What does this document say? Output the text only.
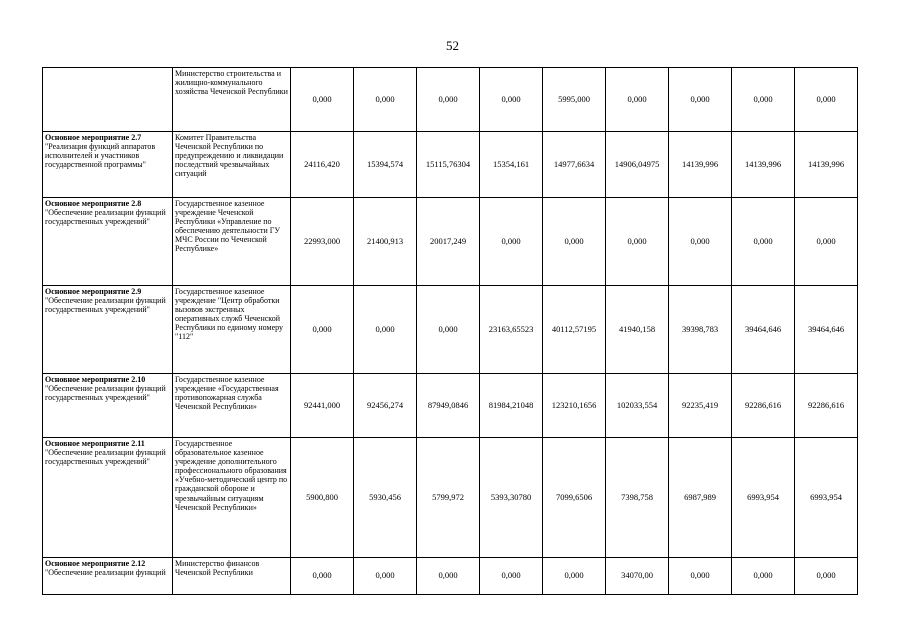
52
	Министерство строительства и жилищно-коммунального хозяйства Чеченской Республики	0,000	0,000	0,000	0,000	5995,000	0,000	0,000	0,000	0,000
Основное мероприятие 2.7 "Реализация функций аппаратов исполнителей и участников государственной программы"	Комитет Правительства Чеченской Республики по предупреждению и ликвидации последствий чрезвычайных ситуаций	24116,420	15394,574	15115,76304	15354,161	14977,6634	14906,04975	14139,996	14139,996	14139,996
Основное мероприятие 2.8 "Обеспечение реализации функций государственных учреждений"	Государственное казенное учреждение Чеченской Республики «Управление по обеспечению деятельности ГУ МЧС России по Чеченской Республике»	22993,000	21400,913	20017,249	0,000	0,000	0,000	0,000	0,000	0,000
Основное мероприятие 2.9 "Обеспечение реализации функций государственных учреждений"	Государственное казенное учреждение "Центр обработки вызовов экстренных оперативных служб Чеченской Республики по единому номеру "112"	0,000	0,000	0,000	23163,65523	40112,57195	41940,158	39398,783	39464,646	39464,646
Основное мероприятие 2.10 "Обеспечение реализации функций государственных учреждений"	Государственное казенное учреждение «Государственная противопожарная служба Чеченской Республики»	92441,000	92456,274	87949,0846	81984,21048	123210,1656	102033,554	92235,419	92286,616	92286,616
Основное мероприятие 2.11 "Обеспечение реализации функций государственных учреждений"	Государственное образовательное казенное учреждение дополнительного профессионального образования «Учебно-методический центр по гражданской обороне и чрезвычайным ситуациям Чеченской Республики»	5900,800	5930,456	5799,972	5393,30780	7099,6506	7398,758	6987,989	6993,954	6993,954
Основное мероприятие 2.12 "Обеспечение реализации функций	Министерство финансов Чеченской Республики	0,000	0,000	0,000	0,000	0,000	34070,00	0,000	0,000	0,000
